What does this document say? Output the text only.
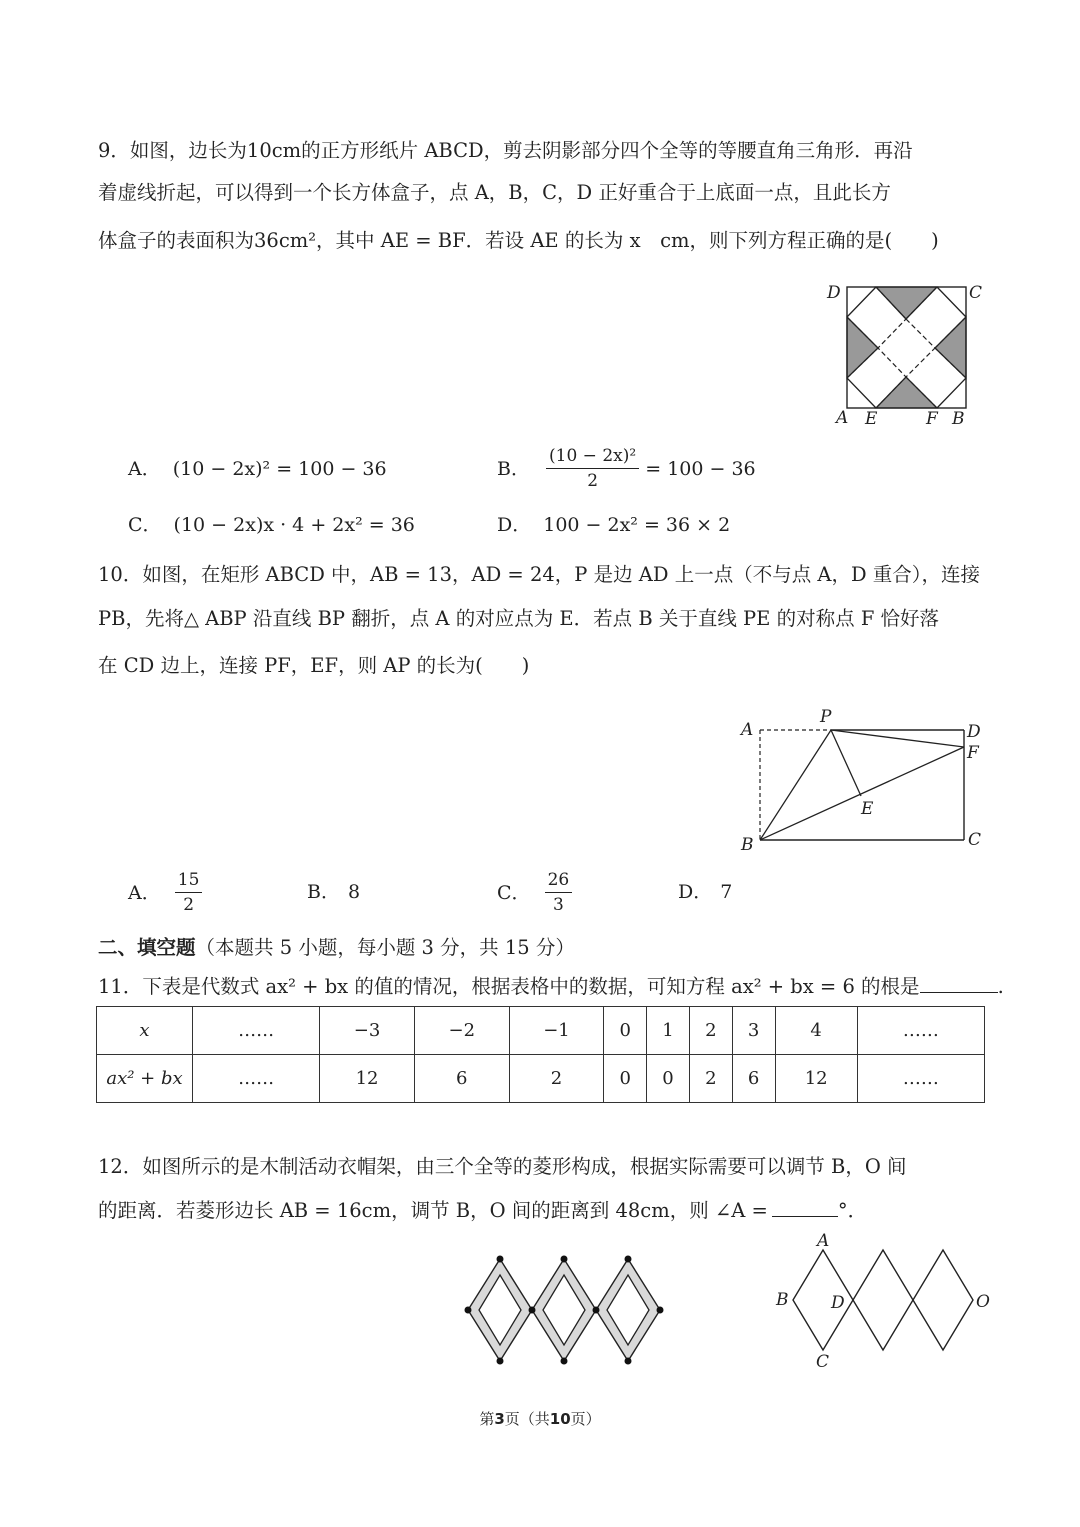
9．如图，边长为10cm的正方形纸片 ABCD，剪去阴影部分四个全等的等腰直角三角形．再沿
着虚线折起，可以得到一个长方体盒子，点 A，B，C，D 正好重合于上底面一点，且此长方
体盒子的表面积为36cm²，其中 AE = BF．若设 AE 的长为 x　cm，则下列方程正确的是(　　)
D	C
A E	F B
A． (10 − 2x)² = 100 − 36	B． $\frac{\text{(10 − 2x)²}}{2} = 100 - 36$
C． (10 − 2x)x · 4 + 2x² = 36	D． 100 − 2x² = 36 × 2
10．如图，在矩形 ABCD 中，AB = 13，AD = 24，P 是边 AD 上一点（不与点 A，D 重合），连接
PB，先将△ ABP 沿直线 BP 翻折，点 A 的对应点为 E．若点 B 关于直线 PE 的对称点 F 恰好落
在 CD 边上，连接 PF，EF，则 AP 的长为(　　)
A
P
D
F
E
B	C
A． $\frac{15}{2}$	B． 8	C． $\frac{26}{3}$	D． 7
二、填空题（本题共 5 小题，每小题 3 分，共 15 分）
11．下表是代数式 ax² + bx 的值的情况，根据表格中的数据，可知方程 ax² + bx = 6 的根是	.
x	……	−3	−2	−1	0	1	2	3	4	……
ax² + bx	……	12	6	2	0	0	2	6	12	……
12．如图所示的是木制活动衣帽架，由三个全等的菱形构成，根据实际需要可以调节 B，O 间
的距离．若菱形边长 AB = 16cm，调节 B，O 间的距离到 48cm，则 ∠A =	°．
A
B	D	O
C
第3页（共10页）
